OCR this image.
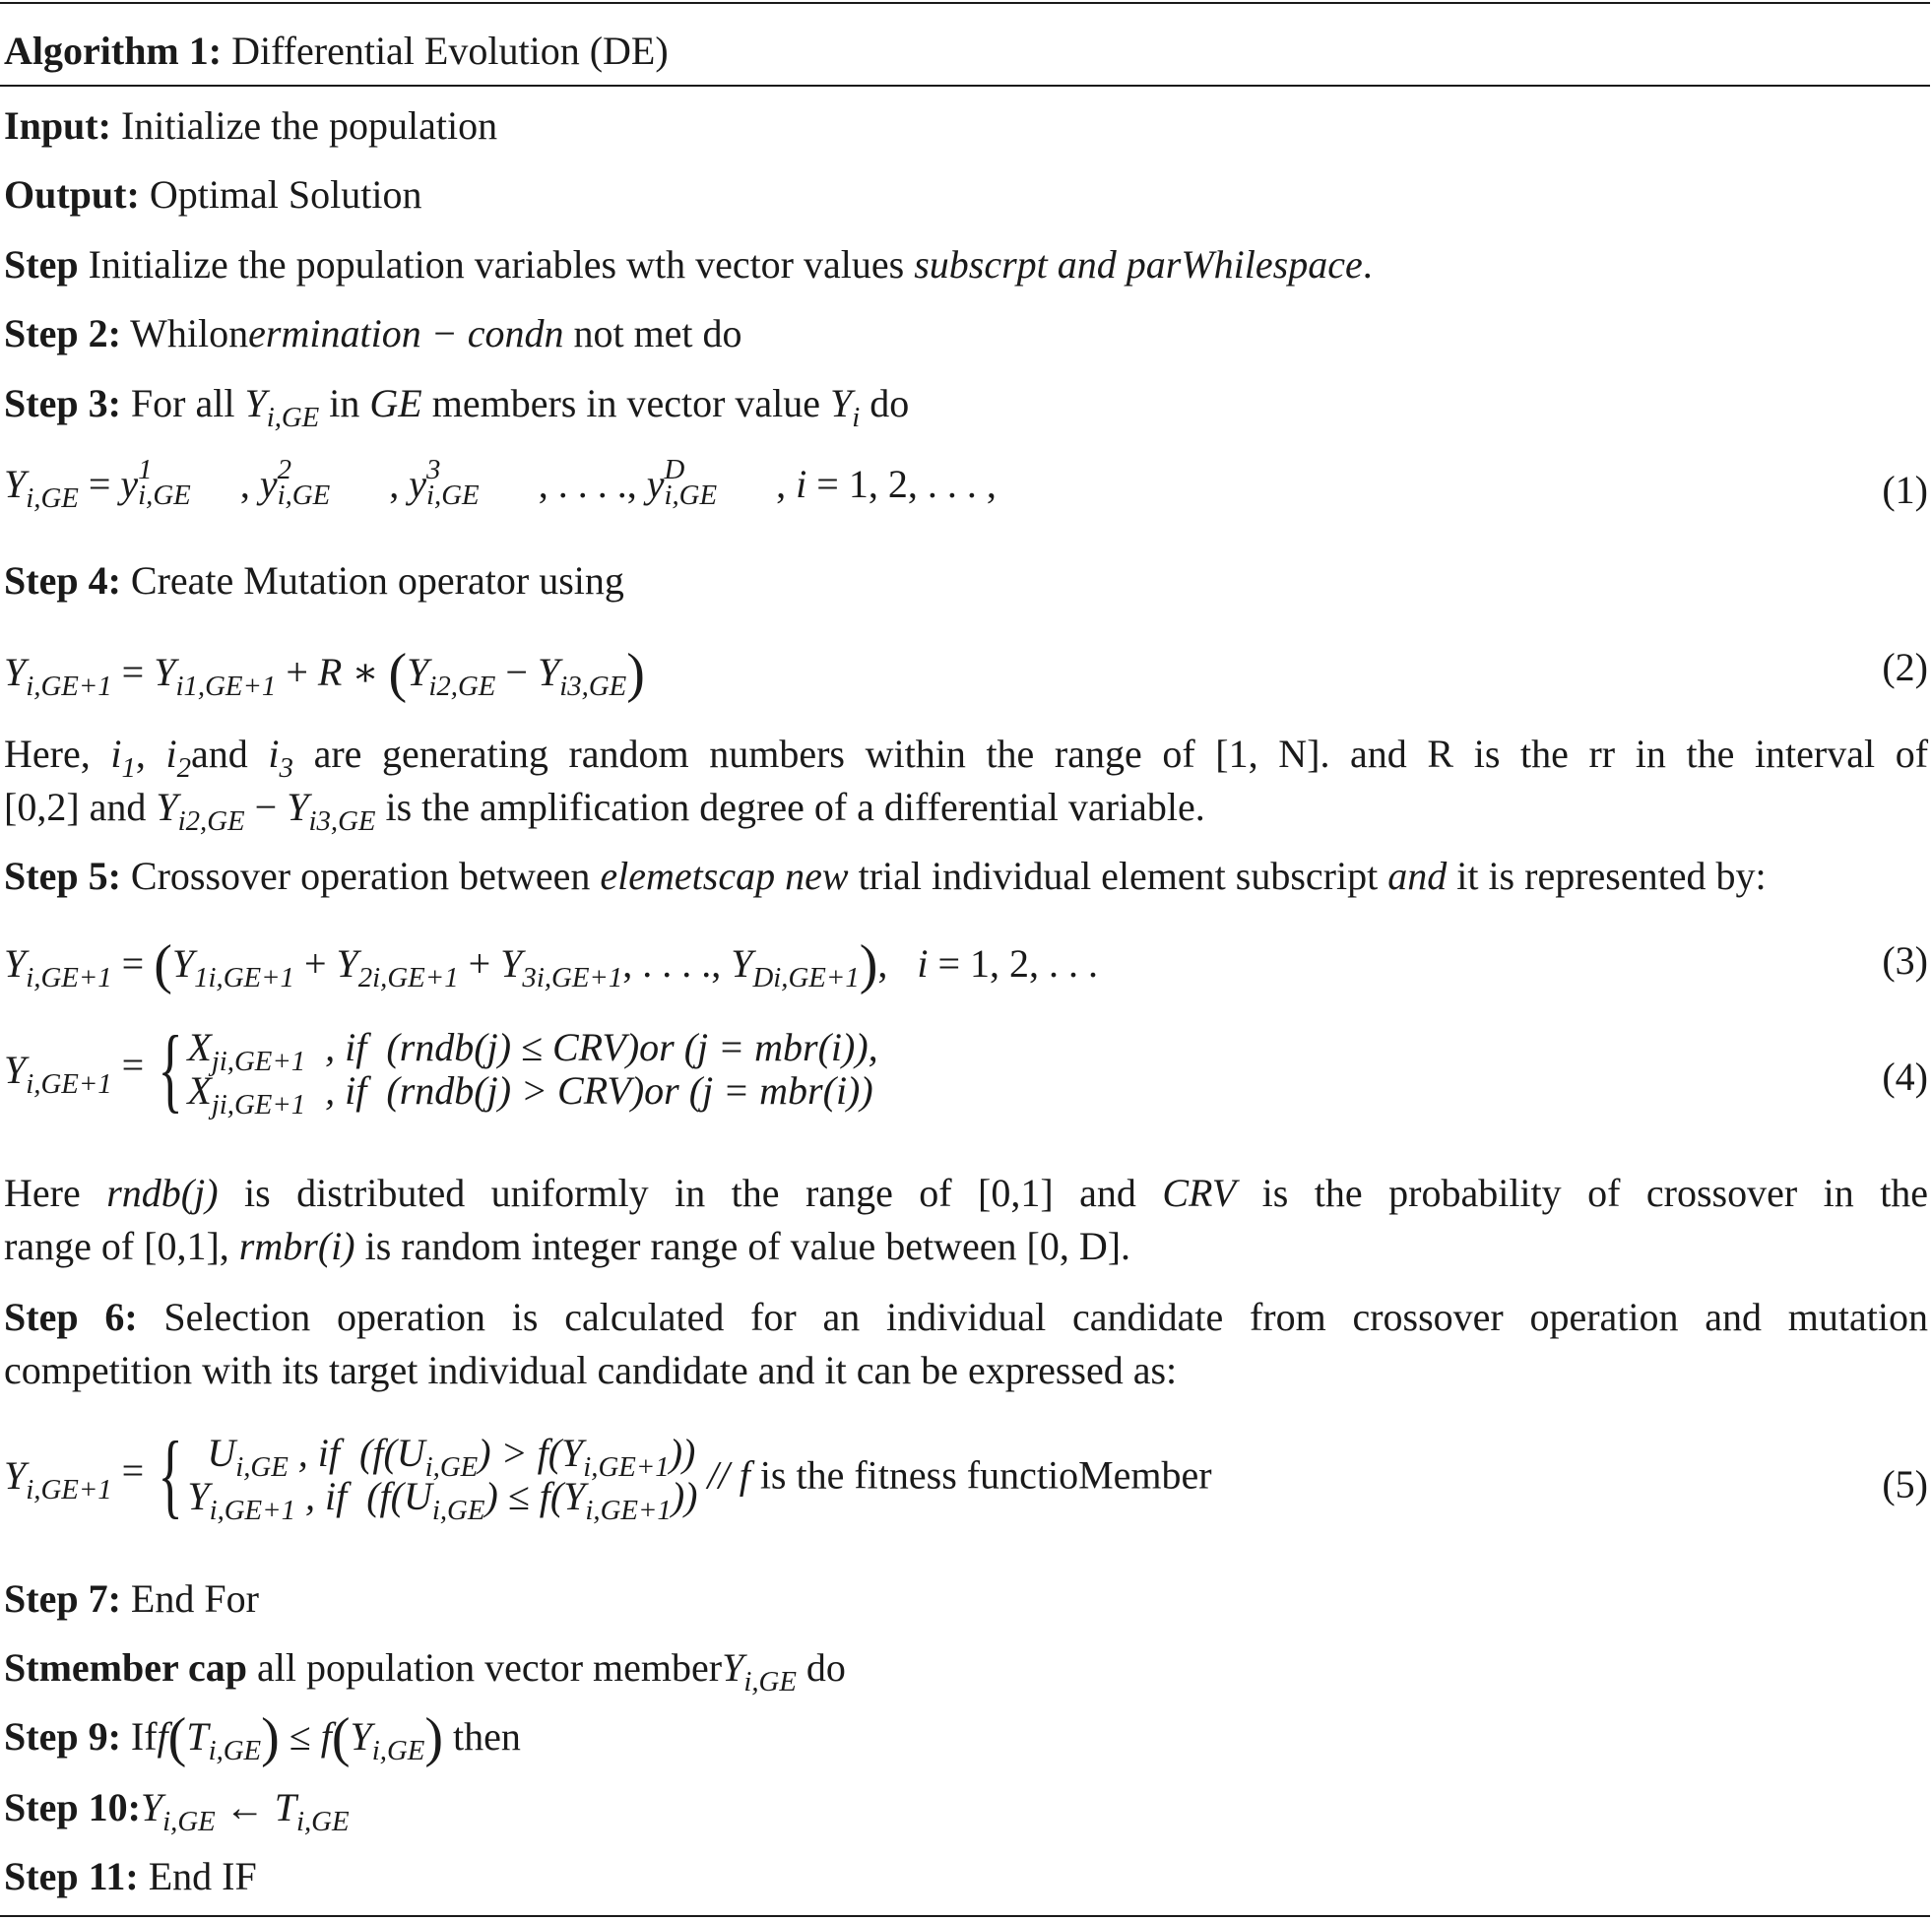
Algorithm 1: Differential Evolution (DE)
Input: Initialize the population
Output: Optimal Solution
Step Initialize the population variables wth vector values subscrpt and parWhilespace.
Step 2: Whilonermination − condn not met do
Step 3: For all $Y_{i,GE}$ in GE members in vector value $Y_i$ do
$Y_{i,GE} = y$ 1
i,GE , y 2
i,GE , y 3
i,GE , . . . ., y D
i,GE , i = 1, 2, . . . ,	(1)
Step 4: Create Mutation operator using
$Y_{i,GE+1} = Y_{i1,GE+1} + R$ ∗ $(Y_{i2,GE} - Y_{i3,GE})$	(2)
Here, $i_1$, $i_2and$ $i_3$ are generating random numbers within the range of [1, N]. and R is the rr in the interval of
[0,2] and $Y_{i2,GE} - Y_{i3,GE}$ is the amplification degree of a differential variable.
Step 5: Crossover operation between elemetscap new trial individual element subscript and it is represented by:
$Y_{i,GE+1} = (Y_{1i,GE+1} + Y_{2i,GE+1} + Y_{3i,GE+1}$, . . . ., $Y_{Di,GE+1}$),   i = 1, 2, . . .	(3)
$Y_{i,GE+1}$ = { $X_{ji,GE+1}$  , if  (rndb(j) ≤ CRV)or (j = mbr(i)),
$X_{ji,GE+1}$  , if  (rndb(j) > CRV)or (j = mbr(i))	(4)
Here rndb(j) is distributed uniformly in the range of [0,1] and CRV is the probability of crossover in the
range of [0,1], rmbr(i) is random integer range of value between [0, D].
Step 6: Selection operation is calculated for an individual candidate from crossover operation and mutation
competition with its target individual candidate and it can be expressed as:
$Y_{i,GE+1}$ = {  $U_{i,GE}$ , if  $(f(U_{i,GE}) > f(Y_{i,GE+1}))$
$Y_{i,GE+1}$ , if  $(f(U_{i,GE}) \le f(Y_{i,GE+1})) // f$ is the fitness functioMember	(5)
Step 7: End For
Stmember cap all population vector memberY$_{i,GE}$ do
Step 9: $Iff(T_{i,GE}) \le f(Y_{i,GE})$ then
Step $10:Y_{i,GE}$ ← $T_{i,GE}$
Step 11: End IF
